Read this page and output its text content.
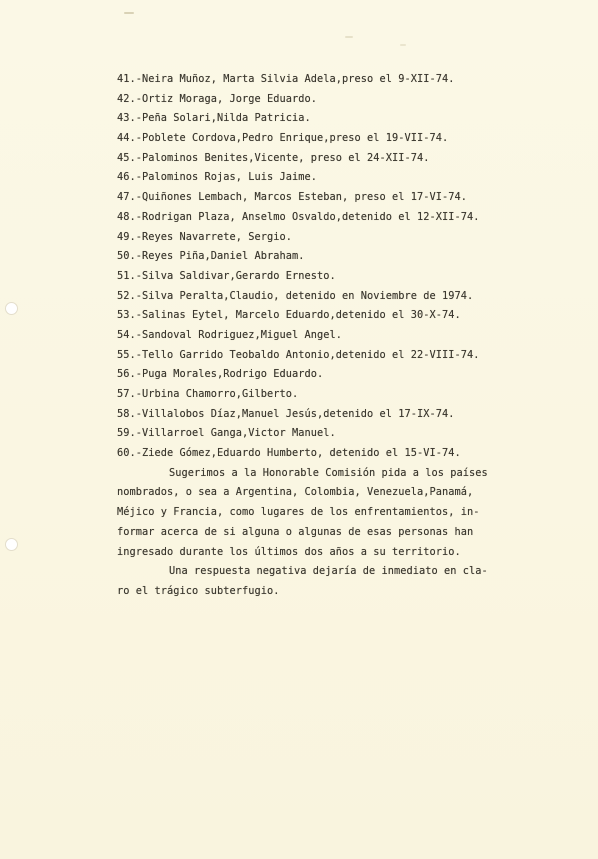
41.-Neira Muñoz, Marta Silvia Adela,preso el 9-XII-74.
42.-Ortiz Moraga, Jorge Eduardo.
43.-Peña Solari,Nilda Patricia.
44.-Poblete Cordova,Pedro Enrique,preso el 19-VII-74.
45.-Palominos Benites,Vicente, preso el 24-XII-74.
46.-Palominos Rojas, Luis Jaime.
47.-Quiñones Lembach, Marcos Esteban, preso el 17-VI-74.
48.-Rodrigan Plaza, Anselmo Osvaldo,detenido el 12-XII-74.
49.-Reyes Navarrete, Sergio.
50.-Reyes Piña,Daniel Abraham.
51.-Silva Saldivar,Gerardo Ernesto.
52.-Silva Peralta,Claudio, detenido en Noviembre de 1974.
53.-Salinas Eytel, Marcelo Eduardo,detenido el 30-X-74.
54.-Sandoval Rodriguez,Miguel Angel.
55.-Tello Garrido Teobaldo Antonio,detenido el 22-VIII-74.
56.-Puga Morales,Rodrigo Eduardo.
57.-Urbina Chamorro,Gilberto.
58.-Villalobos Díaz,Manuel Jesús,detenido el 17-IX-74.
59.-Villarroel Ganga,Victor Manuel.
60.-Ziede Gómez,Eduardo Humberto, detenido el 15-VI-74.
Sugerimos a la Honorable Comisión pida a los países
nombrados, o sea a Argentina, Colombia, Venezuela,Panamá,
Méjico y Francia, como lugares de los enfrentamientos, in-
formar acerca de si alguna o algunas de esas personas han
ingresado durante los últimos dos años a su territorio.
Una respuesta negativa dejaría de inmediato en cla-
ro el trágico subterfugio.
